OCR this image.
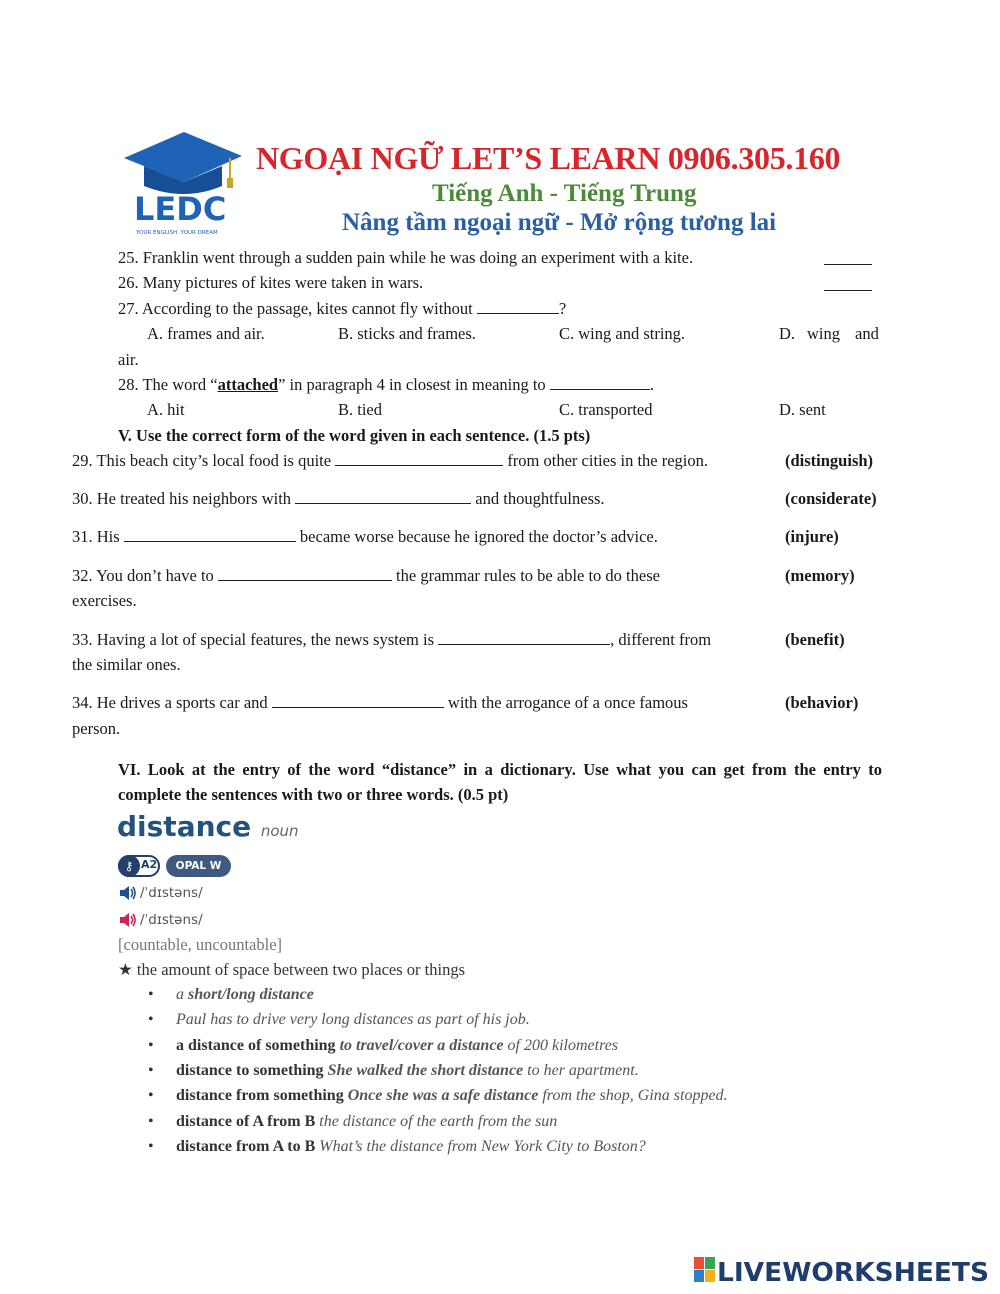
LEDC
YOUR ENGLISH, YOUR DREAM
NGOẠI NGỮ LET’S LEARN 0906.305.160
Tiếng Anh - Tiếng Trung
Nâng tầm ngoại ngữ - Mở rộng tương lai
25. Franklin went through a sudden pain while he was doing an experiment with a kite.
26. Many pictures of kites were taken in wars.
27. According to the passage, kites cannot fly without	?
A. frames and air.	B. sticks and frames.	C. wing and string.	D. wing and
air.
28. The word “attached” in paragraph 4 in closest in meaning to	.
A. hit	B. tied	C. transported	D. sent
V. Use the correct form of the word given in each sentence. (1.5 pts)
29. This beach city’s local food is quite	from other cities in the region.	(distinguish)
30. He treated his neighbors with	and thoughtfulness.	(considerate)
31. His	became worse because he ignored the doctor’s advice.	(injure)
32. You don’t have to	the grammar rules to be able to do these
exercises.
(memory)
33. Having a lot of special features, the news system is	, different from
the similar ones.
(benefit)
34. He drives a sports car and	with the arrogance of a once famous
person.
(behavior)
VI. Look at the entry of the word “distance” in a dictionary. Use what you can get from the entry to complete the sentences with two or three words. (0.5 pt)
distance noun
⚷ A2	OPAL W
/ˈdɪstəns/
/ˈdɪstəns/
[countable, uncountable]
★ the amount of space between two places or things
• a short/long distance
• Paul has to drive very long distances as part of his job.
• a distance of something to travel/cover a distance of 200 kilometres
• distance to something She walked the short distance to her apartment.
• distance from something Once she was a safe distance from the shop, Gina stopped.
• distance of A from B the distance of the earth from the sun
• distance from A to B What’s the distance from New York City to Boston?
LIVEWORKSHEETS
